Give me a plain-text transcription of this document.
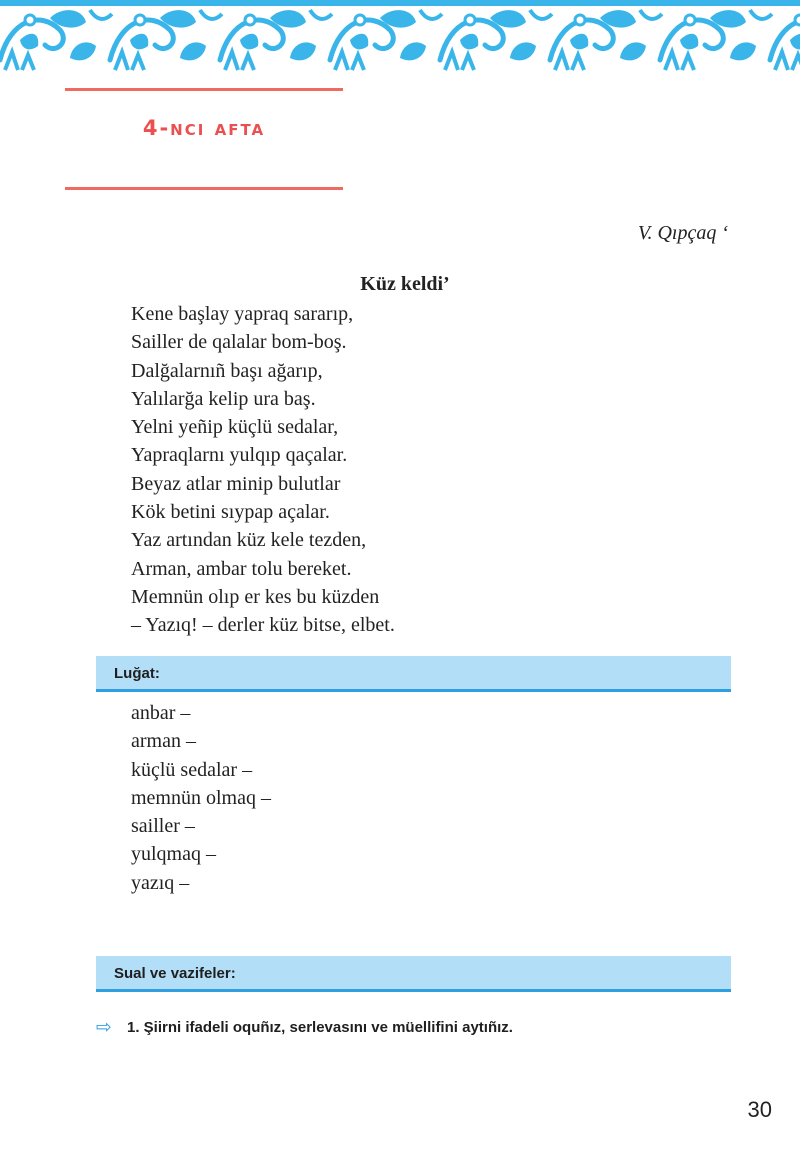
4-ncı afta
V. Qıpçaq ‘
Küz keldi’
Kene başlay yapraq sararıp,
Sailler de qalalar bom-boş.
Dalğalarnıñ başı ağarıp,
Yalılarğa kelip ura baş.
Yelni yeñip küçlü sedalar,
Yapraqlarnı yulqıp qaçalar.
Beyaz atlar minip bulutlar
Kök betini sıypap açalar.
Yaz artından küz kele tezden,
Arman, ambar tolu bereket.
Memnün olıp er kes bu küzden
– Yazıq! – derler küz bitse, elbet.
Luğat:
anbar –
arman –
küçlü sedalar –
memnün olmaq –
sailler –
yulqmaq –
yazıq –
Sual ve vazifeler:
⇨ 1. Şiirni ifadeli oquñız, serlevasını ve müellifini aytıñız.
30
